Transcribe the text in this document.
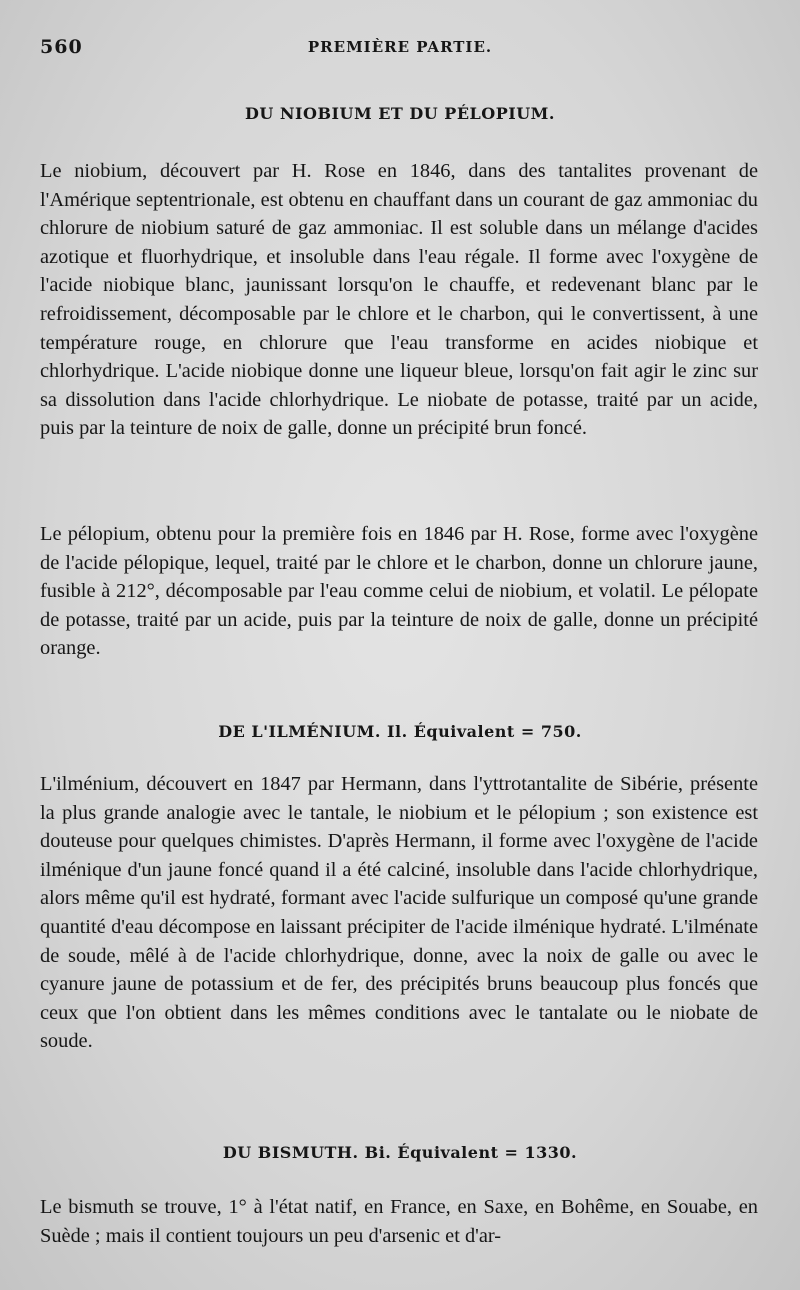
560	PREMIÈRE PARTIE.
DU NIOBIUM ET DU PÉLOPIUM.

Le niobium, découvert par H. Rose en 1846, dans des tantalites provenant de l'Amérique septentrionale, est obtenu en chauffant dans un courant de gaz ammoniac du chlorure de niobium saturé de gaz ammoniac. Il est soluble dans un mélange d'acides azotique et fluorhydrique, et insoluble dans l'eau régale. Il forme avec l'oxygène de l'acide niobique blanc, jaunissant lorsqu'on le chauffe, et redevenant blanc par le refroidissement, décomposable par le chlore et le charbon, qui le convertissent, à une température rouge, en chlorure que l'eau transforme en acides niobique et chlorhydrique. L'acide niobique donne une liqueur bleue, lorsqu'on fait agir le zinc sur sa dissolution dans l'acide chlorhydrique. Le niobate de potasse, traité par un acide, puis par la teinture de noix de galle, donne un précipité brun foncé.

Le pélopium, obtenu pour la première fois en 1846 par H. Rose, forme avec l'oxygène de l'acide pélopique, lequel, traité par le chlore et le charbon, donne un chlorure jaune, fusible à 212°, décomposable par l'eau comme celui de niobium, et volatil. Le pélopate de potasse, traité par un acide, puis par la teinture de noix de galle, donne un précipité orange.

DE L'ILMÉNIUM. Il. Équivalent = 750.

L'ilménium, découvert en 1847 par Hermann, dans l'yttrotantalite de Sibérie, présente la plus grande analogie avec le tantale, le niobium et le pélopium ; son existence est douteuse pour quelques chimistes. D'après Hermann, il forme avec l'oxygène de l'acide ilménique d'un jaune foncé quand il a été calciné, insoluble dans l'acide chlorhydrique, alors même qu'il est hydraté, formant avec l'acide sulfurique un composé qu'une grande quantité d'eau décompose en laissant précipiter de l'acide ilménique hydraté. L'ilménate de soude, mêlé à de l'acide chlorhydrique, donne, avec la noix de galle ou avec le cyanure jaune de potassium et de fer, des précipités bruns beaucoup plus foncés que ceux que l'on obtient dans les mêmes conditions avec le tantalate ou le niobate de soude.

DU BISMUTH. Bi. Équivalent = 1330.

Le bismuth se trouve, 1° à l'état natif, en France, en Saxe, en Bohême, en Souabe, en Suède ; mais il contient toujours un peu d'arsenic et d'ar-
